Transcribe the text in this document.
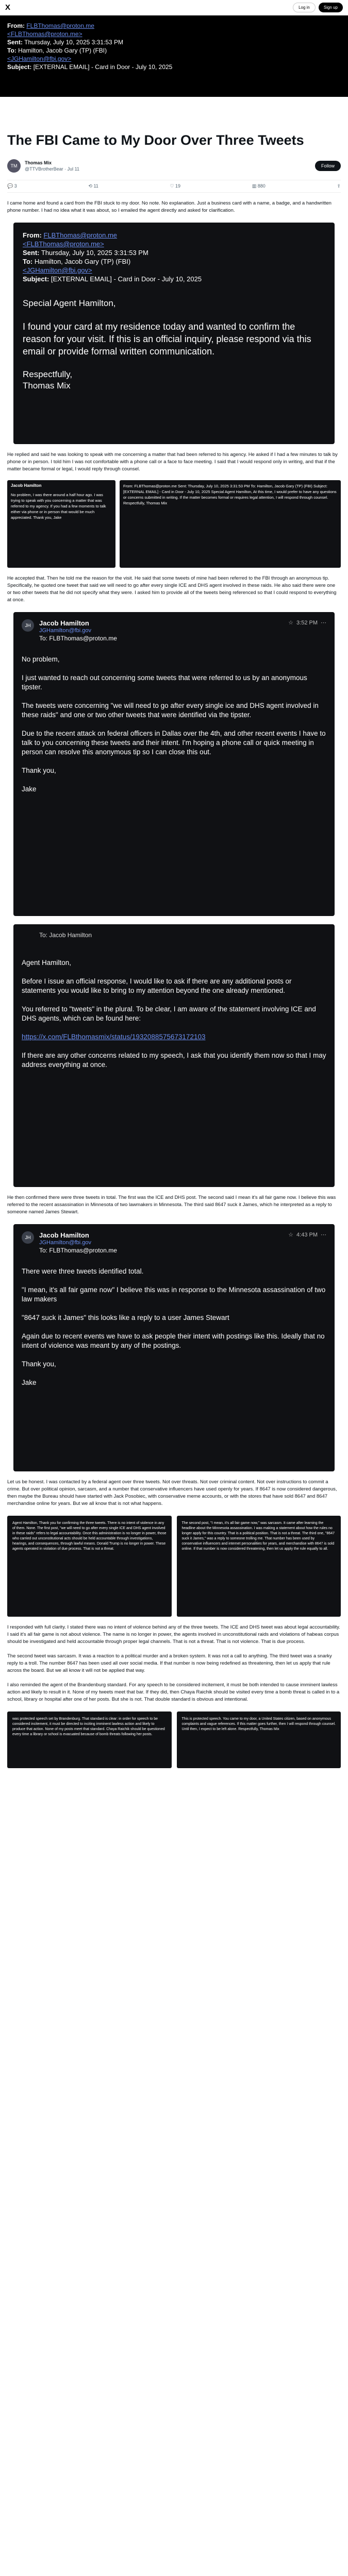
X	Log in	Sign up
From: FLBThomas@proton.me
<FLBThomas@proton.me>
Sent: Thursday, July 10, 2025 3:31:53 PM
To: Hamilton, Jacob Gary (TP) (FBI)
<JGHamilton@fbi.gov>
Subject: [EXTERNAL EMAIL] - Card in Door - July 10, 2025
The FBI Came to My Door Over Three Tweets
TM
Thomas Mix
@TTVBrotherBear · Jul 11
Follow
💬 3	⟲ 11	♡ 19	▥ 880	⇪

I came home and found a card from the FBI stuck to my door. No note. No explanation. Just a business card with a name, a badge, and a handwritten phone number. I had no idea what it was about, so I emailed the agent directly and asked for clarification.

From: FLBThomas@proton.me
<FLBThomas@proton.me>
Sent: Thursday, July 10, 2025 3:31:53 PM
To: Hamilton, Jacob Gary (TP) (FBI)
<JGHamilton@fbi.gov>
Subject: [EXTERNAL EMAIL] - Card in Door - July 10, 2025
Special Agent Hamilton,
I found your card at my residence today and wanted to confirm the reason for your visit. If this is an official inquiry, please respond via this email or provide formal written communication.
Respectfully,
Thomas Mix

He replied and said he was looking to speak with me concerning a matter that had been referred to his agency. He asked if I had a few minutes to talk by phone or in person. I told him I was not comfortable with a phone call or a face to face meeting. I said that I would respond only in writing, and that if the matter became formal or legal, I would reply through counsel.

Jacob Hamilton
No problem, I was there around a half hour ago. I was trying to speak with you concerning a matter that was referred to my agency. If you had a few moments to talk either via phone or in person that would be much appreciated. Thank you, Jake
From: FLBThomas@proton.me Sent: Thursday, July 10, 2025 3:31:53 PM To: Hamilton, Jacob Gary (TP) (FBI) Subject: [EXTERNAL EMAIL] - Card in Door - July 10, 2025 Special Agent Hamilton, At this time, I would prefer to have any questions or concerns submitted in writing. If the matter becomes formal or requires legal attention, I will respond through counsel. Respectfully, Thomas Mix

He accepted that. Then he told me the reason for the visit. He said that some tweets of mine had been referred to the FBI through an anonymous tip. Specifically, he quoted one tweet that said we will need to go after every single ICE and DHS agent involved in these raids. He also said there were one or two other tweets that he did not specify what they were. I asked him to provide all of the tweets being referenced so that I could respond to everything at once.

JH	Jacob Hamilton
JGHamilton@fbi.gov
To: FLBThomas@proton.me
☆ 3:52 PM ⋯

No problem,

I just wanted to reach out concerning some tweets that were referred to us by an anonymous tipster.

The tweets were concerning "we will need to go after every single ice and DHS agent involved in these raids" and one or two other tweets that were identified via the tipster.

Due to the recent attack on federal officers in Dallas over the 4th, and other recent events I have to talk to you concerning these tweets and their intent. I'm hoping a phone call or quick meeting in person can resolve this anonymous tip so I can close this out.

Thank you,

Jake

To: Jacob Hamilton

Agent Hamilton,

Before I issue an official response, I would like to ask if there are any additional posts or statements you would like to bring to my attention beyond the one already mentioned.

You referred to "tweets" in the plural. To be clear, I am aware of the statement involving ICE and DHS agents, which can be found here:

https://x.com/FLBthomasmix/status/1932088575673172103

If there are any other concerns related to my speech, I ask that you identify them now so that I may address everything at once.

He then confirmed there were three tweets in total. The first was the ICE and DHS post. The second said I mean it's all fair game now. I believe this was referred to the recent assassination in Minnesota of two lawmakers in Minnesota. The third said 8647 suck it James, which he interpreted as a reply to someone named James Stewart.

JH	Jacob Hamilton
JGHamilton@fbi.gov
To: FLBThomas@proton.me
☆ 4:43 PM ⋯

There were three tweets identified total.

"I mean, it's all fair game now" I believe this was in response to the Minnesota assassination of two law makers

"8647 suck it James" this looks like a reply to a user James Stewart

Again due to recent events we have to ask people their intent with postings like this. Ideally that no intent of violence was meant by any of the postings.

Thank you,

Jake

Let us be honest. I was contacted by a federal agent over three tweets. Not over threats. Not over criminal content. Not over instructions to commit a crime. But over political opinion, sarcasm, and a number that conservative influencers have used openly for years. If 8647 is now considered dangerous, then maybe the Bureau should have started with Jack Posobiec, with conservative meme accounts, or with the stores that have sold 8647 and 8647 merchandise online for years. But we all know that is not what happens.

Agent Hamilton, Thank you for confirming the three tweets. There is no intent of violence in any of them. None. The first post, "we will need to go after every single ICE and DHS agent involved in these raids" refers to legal accountability. Once this administration is no longer in power, those who carried out unconstitutional acts should be held accountable through investigations, hearings, and consequences, through lawful means. Donald Trump is no longer in power. These agents operated in violation of due process. That is not a threat.
The second post, "I mean, it's all fair game now," was sarcasm. It came after learning the headline about the Minnesota assassination. I was making a statement about how the rules no longer apply for this country. That is a political position. That is not a threat. The third one, "8647 suck it James," was a reply to someone trolling me. That number has been used by conservative influencers and internet personalities for years, and merchandise with 8647 is sold online. If that number is now considered threatening, then let us apply the rule equally to all.

I responded with full clarity. I stated there was no intent of violence behind any of the three tweets. The ICE and DHS tweet was about legal accountability. I said it's all fair game is not about violence. The name is no longer in power, the agents involved in unconstitutional raids and violations of habeas corpus should be investigated and held accountable through proper legal channels. That is not a threat. That is not violence. That is due process.

The second tweet was sarcasm. It was a reaction to a political murder and a broken system. It was not a call to anything. The third tweet was a snarky reply to a troll. The number 8647 has been used all over social media. If that number is now being redefined as threatening, then let us apply that rule across the board. But we all know it will not be applied that way.

I also reminded the agent of the Brandenburg standard. For any speech to be considered incitement, it must be both intended to cause imminent lawless action and likely to result in it. None of my tweets meet that bar. If they did, then Chaya Raichik should be visited every time a bomb threat is called in to a school, library or hospital after one of her posts. But she is not. That double standard is obvious and intentional.

was protected speech set by Brandenburg. That standard is clear: in order for speech to be considered incitement, it must be directed to inciting imminent lawless action and likely to produce that action. None of my posts meet that standard. Chaya Raichik should be questioned every time a library or school is evacuated because of bomb threats following her posts.
This is protected speech. You came to my door, a United States citizen, based on anonymous complaints and vague references. If this matter goes further, then I will respond through counsel. Until then, I expect to be left alone. Respectfully, Thomas Mix
